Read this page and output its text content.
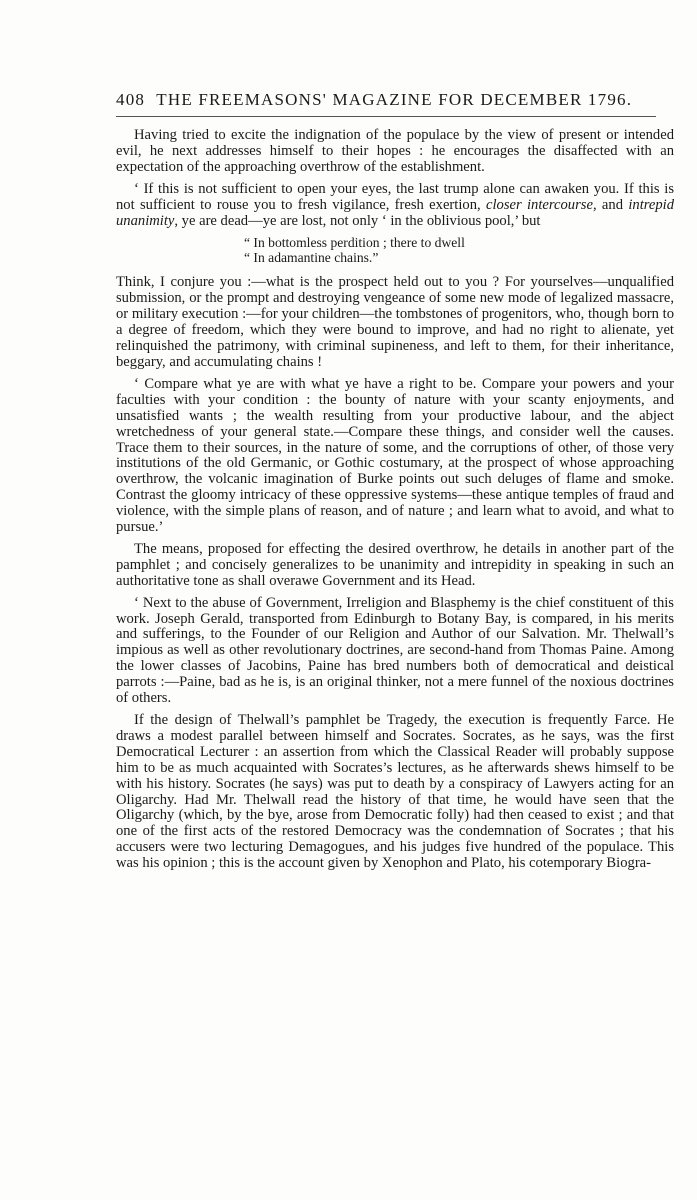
408 THE FREEMASONS' MAGAZINE FOR DECEMBER 1796.

Having tried to excite the indignation of the populace by the view of present or intended evil, he next addresses himself to their hopes : he encourages the disaffected with an expectation of the approaching overthrow of the establishment.

‘ If this is not sufficient to open your eyes, the last trump alone can awaken you. If this is not sufficient to rouse you to fresh vigilance, fresh exertion, closer intercourse, and intrepid unanimity, ye are dead—ye are lost, not only ‘ in the oblivious pool,’ but

“ In bottomless perdition ; there to dwell
“ In adamantine chains.”

Think, I conjure you :—what is the prospect held out to you ? For yourselves—unqualified submission, or the prompt and destroying vengeance of some new mode of legalized massacre, or military execution :—for your children—the tombstones of progenitors, who, though born to a degree of freedom, which they were bound to improve, and had no right to alienate, yet relinquished the patrimony, with criminal supineness, and left to them, for their inheritance, beggary, and accumulating chains !

‘ Compare what ye are with what ye have a right to be. Compare your powers and your faculties with your condition : the bounty of nature with your scanty enjoyments, and unsatisfied wants ; the wealth resulting from your productive labour, and the abject wretchedness of your general state.—Compare these things, and consider well the causes. Trace them to their sources, in the nature of some, and the corruptions of other, of those very institutions of the old Germanic, or Gothic costumary, at the prospect of whose approaching overthrow, the volcanic imagination of Burke points out such deluges of flame and smoke. Contrast the gloomy intricacy of these oppressive systems—these antique temples of fraud and violence, with the simple plans of reason, and of nature ; and learn what to avoid, and what to pursue.’

The means, proposed for effecting the desired overthrow, he details in another part of the pamphlet ; and concisely generalizes to be unanimity and intrepidity in speaking in such an authoritative tone as shall overawe Government and its Head.

‘ Next to the abuse of Government, Irreligion and Blasphemy is the chief constituent of this work. Joseph Gerald, transported from Edinburgh to Botany Bay, is compared, in his merits and sufferings, to the Founder of our Religion and Author of our Salvation. Mr. Thelwall’s impious as well as other revolutionary doctrines, are second-hand from Thomas Paine. Among the lower classes of Jacobins, Paine has bred numbers both of democratical and deistical parrots :—Paine, bad as he is, is an original thinker, not a mere funnel of the noxious doctrines of others.

If the design of Thelwall’s pamphlet be Tragedy, the execution is frequently Farce. He draws a modest parallel between himself and Socrates. Socrates, as he says, was the first Democratical Lecturer : an assertion from which the Classical Reader will probably suppose him to be as much acquainted with Socrates’s lectures, as he afterwards shews himself to be with his history. Socrates (he says) was put to death by a conspiracy of Lawyers acting for an Oligarchy. Had Mr. Thelwall read the history of that time, he would have seen that the Oligarchy (which, by the bye, arose from Democratic folly) had then ceased to exist ; and that one of the first acts of the restored Democracy was the condemnation of Socrates ; that his accusers were two lecturing Demagogues, and his judges five hundred of the populace. This was his opinion ; this is the account given by Xenophon and Plato, his cotemporary Biogra-
